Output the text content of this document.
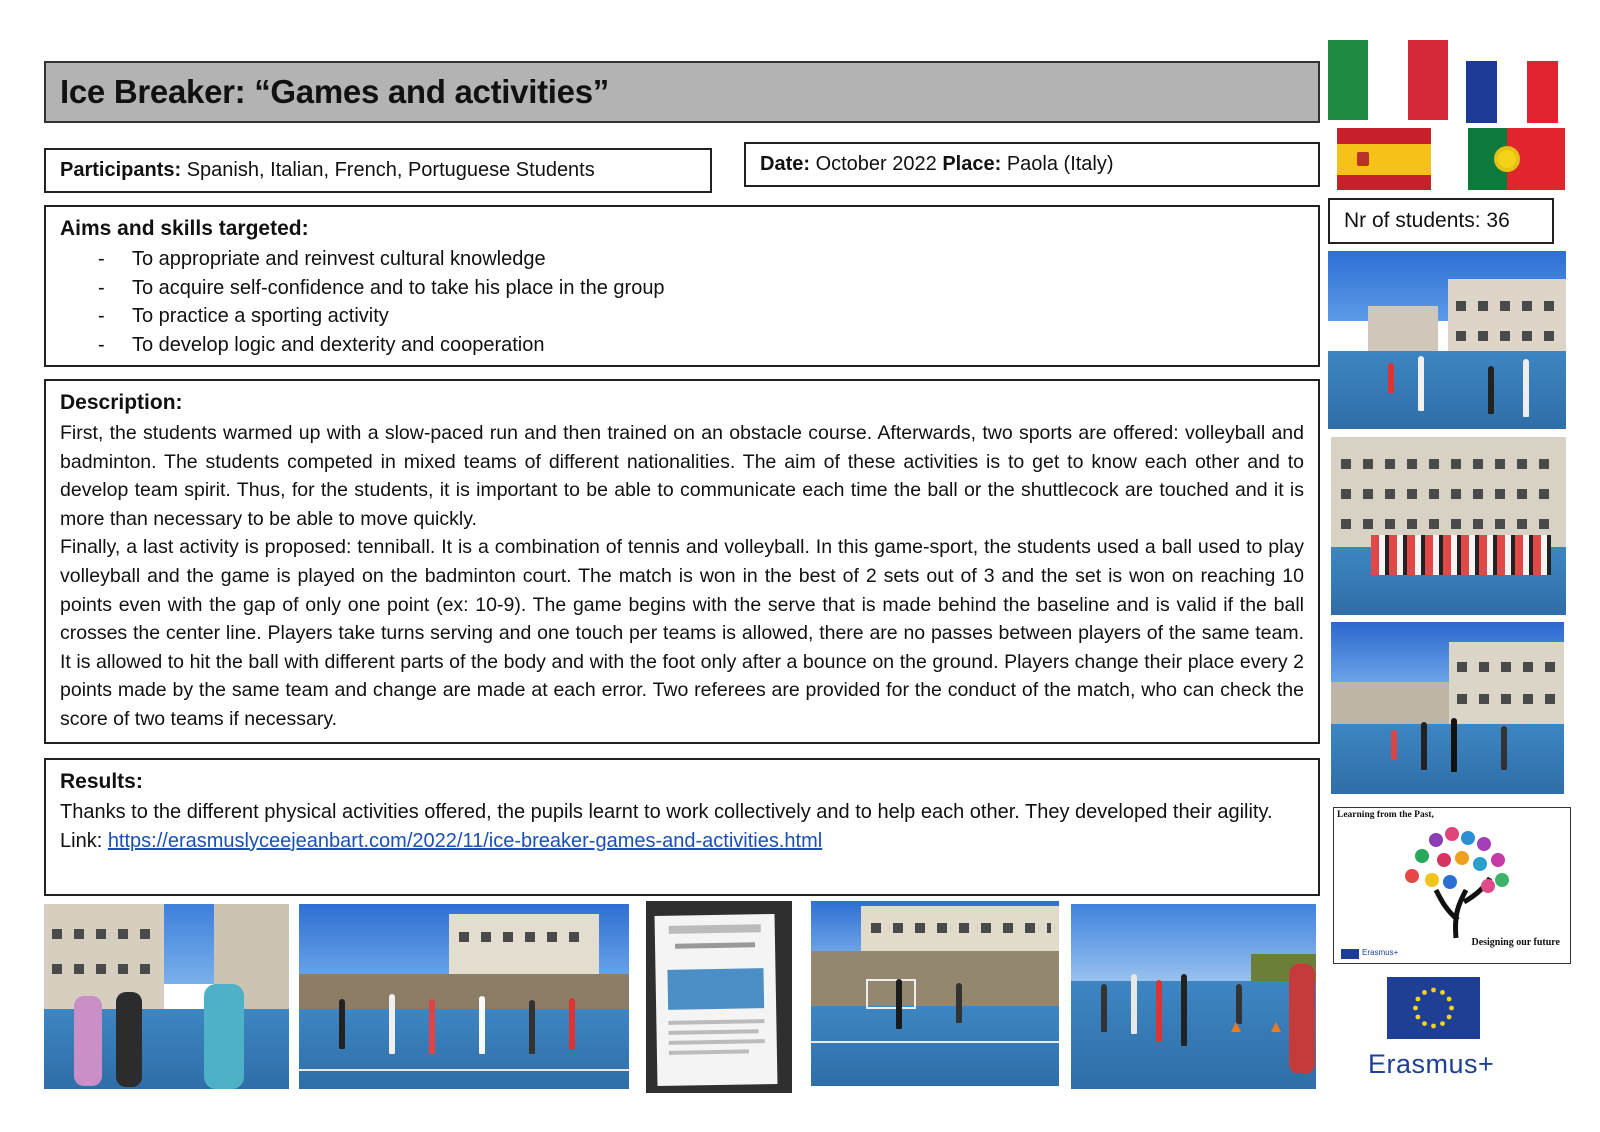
Ice Breaker: “Games and activities”
Participants: Spanish, Italian, French, Portuguese Students	Date: October 2022 Place: Paola (Italy)
Aims and skills targeted:
-	To appropriate and reinvest cultural knowledge
-	To acquire self-confidence and to take his place in the group
-	To practice a sporting activity
-	To develop logic and dexterity and cooperation
Description:

First, the students warmed up with a slow-paced run and then trained on an obstacle course. Afterwards, two sports are offered: volleyball and badminton. The students competed in mixed teams of different nationalities. The aim of these activities is to get to know each other and to develop team spirit. Thus, for the students, it is important to be able to communicate each time the ball or the shuttlecock are touched and it is more than necessary to be able to move quickly.

Finally, a last activity is proposed: tenniball. It is a combination of tennis and volleyball. In this game-sport, the students used a ball used to play volleyball and the game is played on the badminton court. The match is won in the best of 2 sets out of 3 and the set is won on reaching 10 points even with the gap of only one point (ex: 10-9). The game begins with the serve that is made behind the baseline and is valid if the ball crosses the center line. Players take turns serving and one touch per teams is allowed, there are no passes between players of the same team. It is allowed to hit the ball with different parts of the body and with the foot only after a bounce on the ground. Players change their place every 2 points made by the same team and change are made at each error. Two referees are provided for the conduct of the match, who can check the score of two teams if necessary.

Results:

Thanks to the different physical activities offered, the pupils learnt to work collectively and to help each other. They developed their agility.

Link: https://erasmuslyceejeanbart.com/2022/11/ice-breaker-games-and-activities.html

Nr of students: 36
Learning from the Past,
Designing our future
Erasmus+
Erasmus+
